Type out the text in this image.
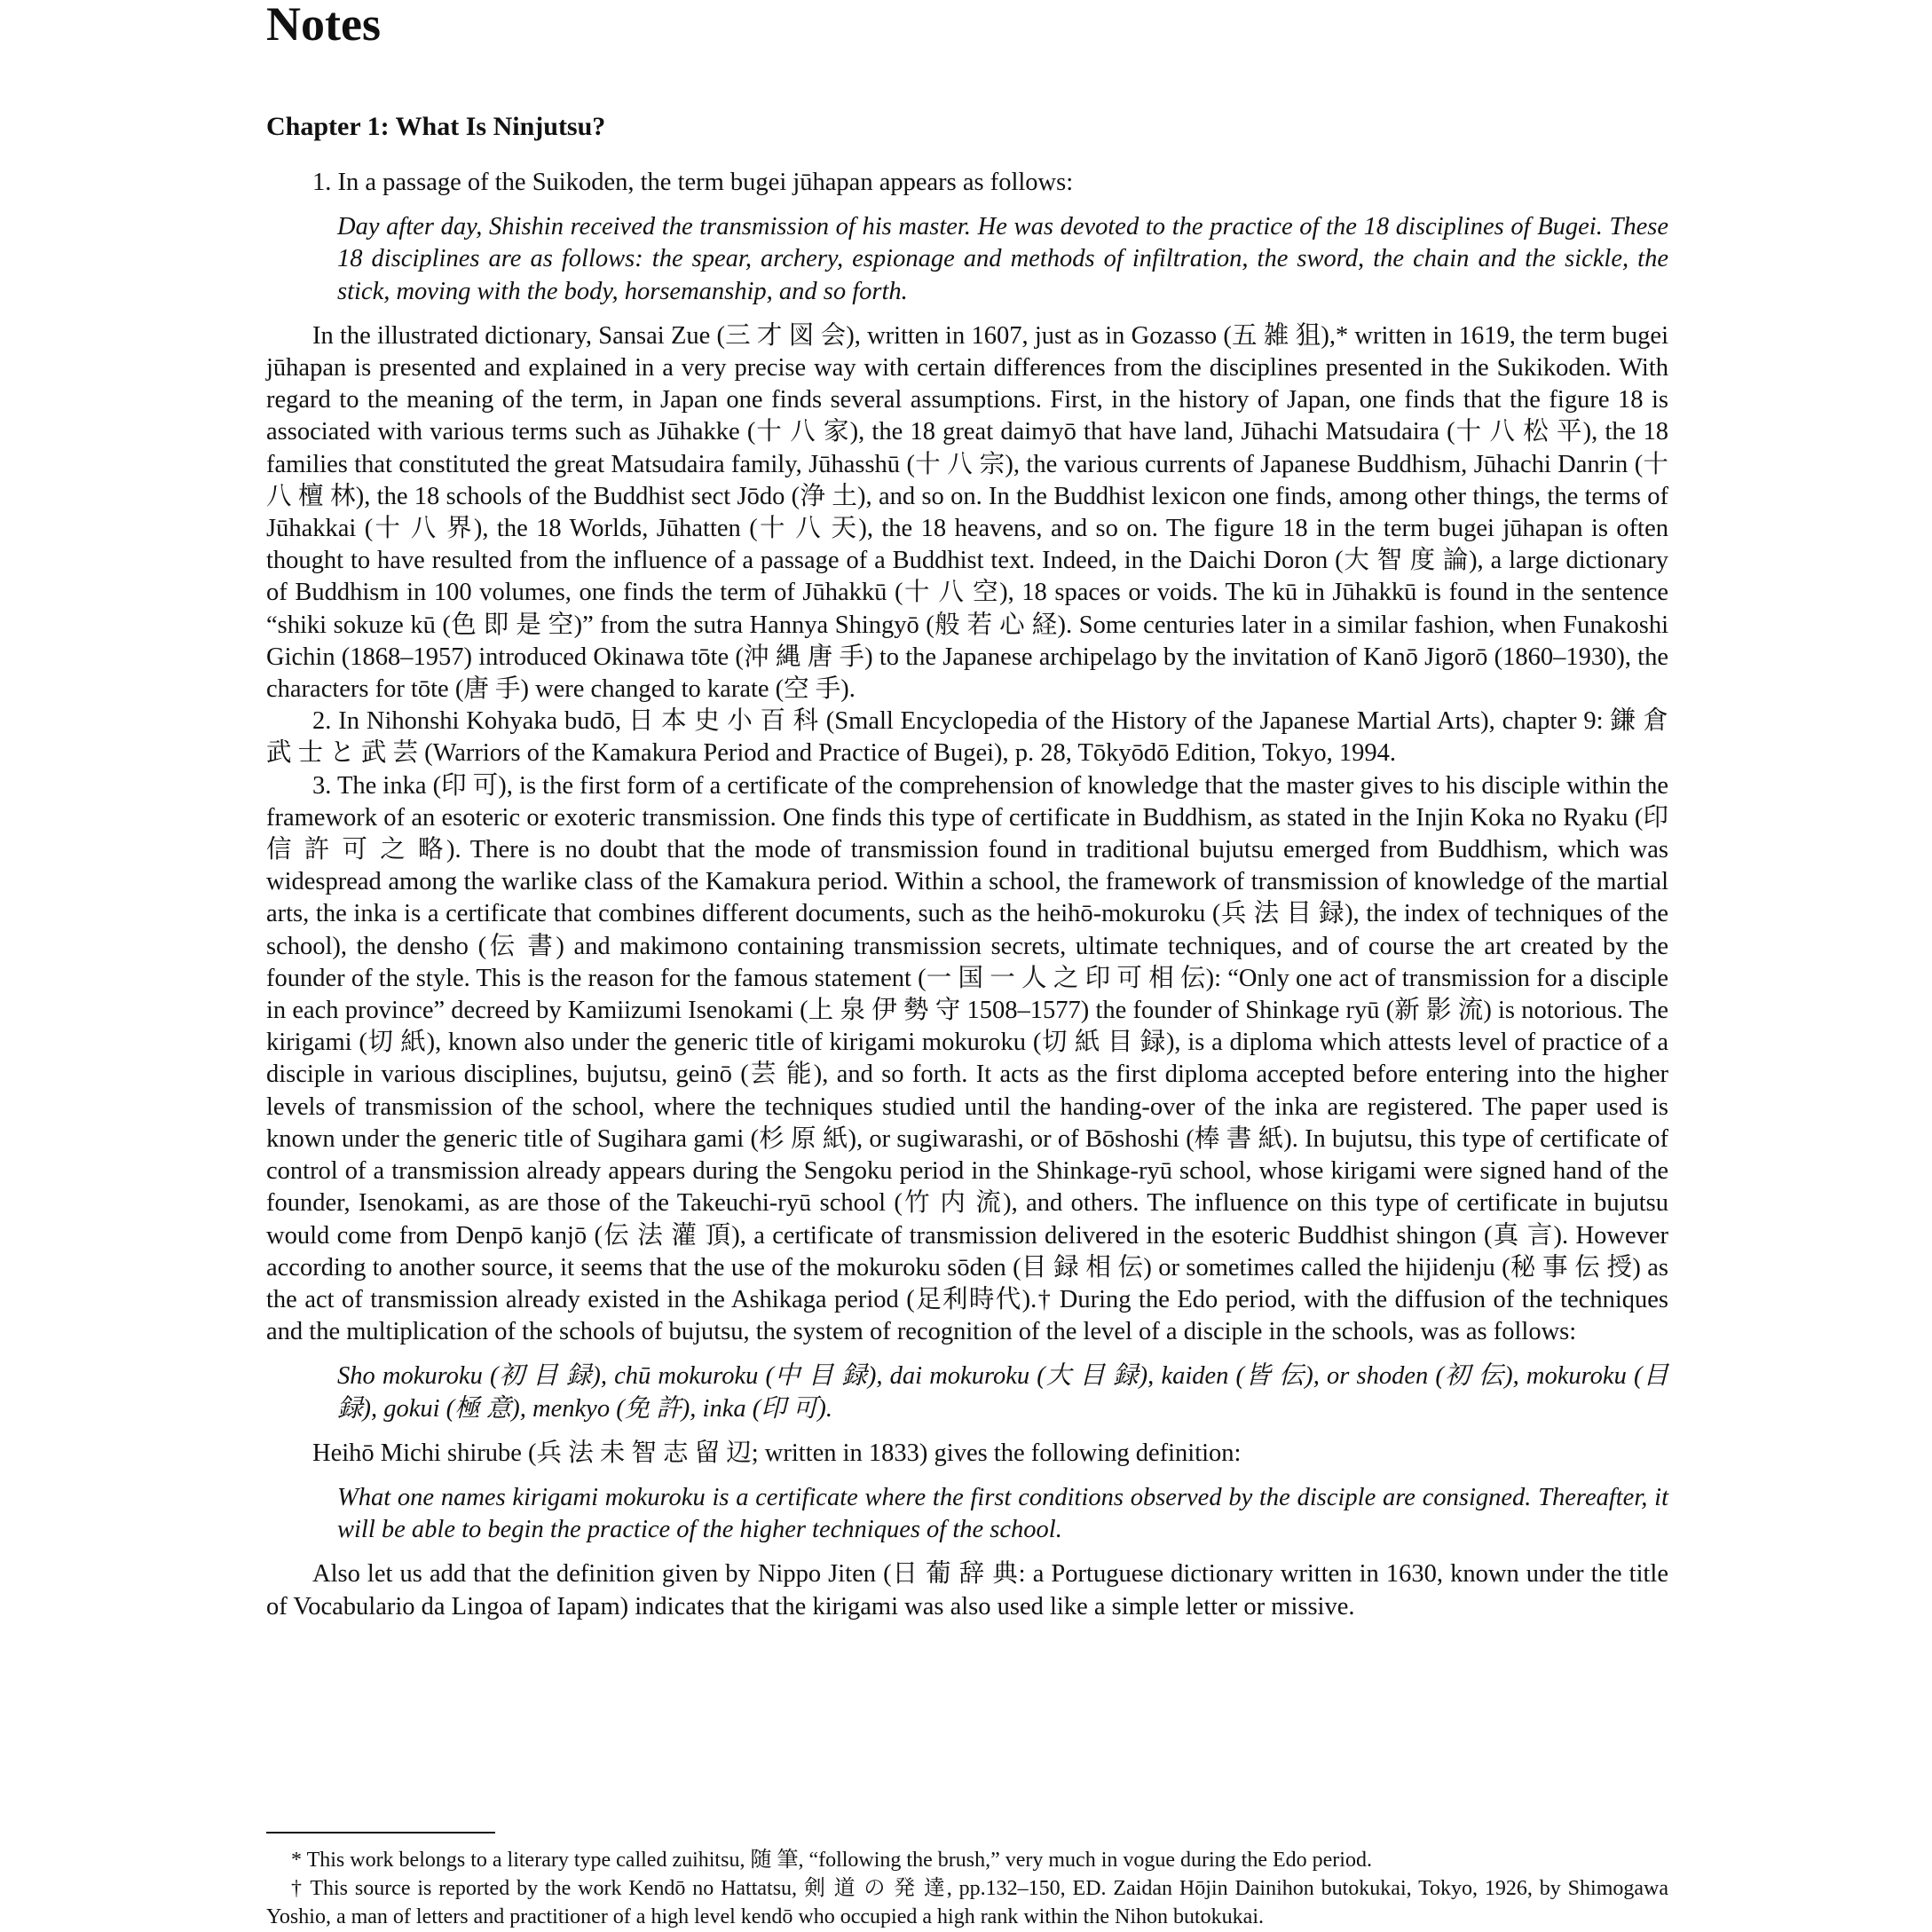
Notes
Chapter 1: What Is Ninjutsu?

1. In a passage of the Suikoden, the term bugei jūhapan appears as follows:

Day after day, Shishin received the transmission of his master. He was devoted to the practice of the 18 disciplines of Bugei. These 18 disciplines are as follows: the spear, archery, espionage and methods of infiltration, the sword, the chain and the sickle, the stick, moving with the body, horsemanship, and so forth.

In the illustrated dictionary, Sansai Zue (三 才 図 会), written in 1607, just as in Gozasso (五 雑 狙),* written in 1619, the term bugei jūhapan is presented and explained in a very precise way with certain differences from the disciplines presented in the Sukikoden. With regard to the meaning of the term, in Japan one finds several assumptions. First, in the history of Japan, one finds that the figure 18 is associated with various terms such as Jūhakke (十 八 家), the 18 great daimyō that have land, Jūhachi Matsudaira (十 八 松 平), the 18 families that constituted the great Matsudaira family, Jūhasshū (十 八 宗), the various currents of Japanese Buddhism, Jūhachi Danrin (十 八 檀 林), the 18 schools of the Buddhist sect Jōdo (浄 土), and so on. In the Buddhist lexicon one finds, among other things, the terms of Jūhakkai (十 八 界), the 18 Worlds, Jūhatten (十 八 天), the 18 heavens, and so on. The figure 18 in the term bugei jūhapan is often thought to have resulted from the influence of a passage of a Buddhist text. Indeed, in the Daichi Doron (大 智 度 論), a large dictionary of Buddhism in 100 volumes, one finds the term of Jūhakkū (十 八 空), 18 spaces or voids. The kū in Jūhakkū is found in the sentence “shiki sokuze kū (色 即 是 空)” from the sutra Hannya Shingyō (般 若 心 経). Some centuries later in a similar fashion, when Funakoshi Gichin (1868–1957) introduced Okinawa tōte (沖 縄 唐 手) to the Japanese archipelago by the invitation of Kanō Jigorō (1860–1930), the characters for tōte (唐 手) were changed to karate (空 手).

2. In Nihonshi Kohyaka budō, 日 本 史 小 百 科 (Small Encyclopedia of the History of the Japanese Martial Arts), chapter 9: 鎌 倉 武 士 と 武 芸 (Warriors of the Kamakura Period and Practice of Bugei), p. 28, Tōkyōdō Edition, Tokyo, 1994.

3. The inka (印 可), is the first form of a certificate of the comprehension of knowledge that the master gives to his disciple within the framework of an esoteric or exoteric transmission. One finds this type of certificate in Buddhism, as stated in the Injin Koka no Ryaku (印 信 許 可 之 略). There is no doubt that the mode of transmission found in traditional bujutsu emerged from Buddhism, which was widespread among the warlike class of the Kamakura period. Within a school, the framework of transmission of knowledge of the martial arts, the inka is a certificate that combines different documents, such as the heihō-mokuroku (兵 法 目 録), the index of techniques of the school), the densho (伝 書) and makimono containing transmission secrets, ultimate techniques, and of course the art created by the founder of the style. This is the reason for the famous statement (一 国 一 人 之 印 可 相 伝): “Only one act of transmission for a disciple in each province” decreed by Kamiizumi Isenokami (上 泉 伊 勢 守 1508–1577) the founder of Shinkage ryū (新 影 流) is notorious. The kirigami (切 紙), known also under the generic title of kirigami mokuroku (切 紙 目 録), is a diploma which attests level of practice of a disciple in various disciplines, bujutsu, geinō (芸 能), and so forth. It acts as the first diploma accepted before entering into the higher levels of transmission of the school, where the techniques studied until the handing-over of the inka are registered. The paper used is known under the generic title of Sugihara gami (杉 原 紙), or sugiwarashi, or of Bōshoshi (棒 書 紙). In bujutsu, this type of certificate of control of a transmission already appears during the Sengoku period in the Shinkage-ryū school, whose kirigami were signed hand of the founder, Isenokami, as are those of the Takeuchi-ryū school (竹 内 流), and others. The influence on this type of certificate in bujutsu would come from Denpō kanjō (伝 法 灌 頂), a certificate of transmission delivered in the esoteric Buddhist shingon (真 言). However according to another source, it seems that the use of the mokuroku sōden (目 録 相 伝) or sometimes called the hijidenju (秘 事 伝 授) as the act of transmission already existed in the Ashikaga period (足利時代).† During the Edo period, with the diffusion of the techniques and the multiplication of the schools of bujutsu, the system of recognition of the level of a disciple in the schools, was as follows:

Sho mokuroku (初 目 録), chū mokuroku (中 目 録), dai mokuroku (大 目 録), kaiden (皆 伝), or shoden (初 伝), mokuroku (目 録), gokui (極 意), menkyo (免 許), inka (印 可).

Heihō Michi shirube (兵 法 未 智 志 留 辺; written in 1833) gives the following definition:

What one names kirigami mokuroku is a certificate where the first conditions observed by the disciple are consigned. Thereafter, it will be able to begin the practice of the higher techniques of the school.

Also let us add that the definition given by Nippo Jiten (日 葡 辞 典: a Portuguese dictionary written in 1630, known under the title of Vocabulario da Lingoa of Iapam) indicates that the kirigami was also used like a simple letter or missive.

* This work belongs to a literary type called zuihitsu, 随 筆, “following the brush,” very much in vogue during the Edo period.

† This source is reported by the work Kendō no Hattatsu, 剣 道 の 発 達, pp.132–150, ED. Zaidan Hōjin Dainihon butokukai, Tokyo, 1926, by Shimogawa Yoshio, a man of letters and practitioner of a high level kendō who occupied a high rank within the Nihon butokukai.
